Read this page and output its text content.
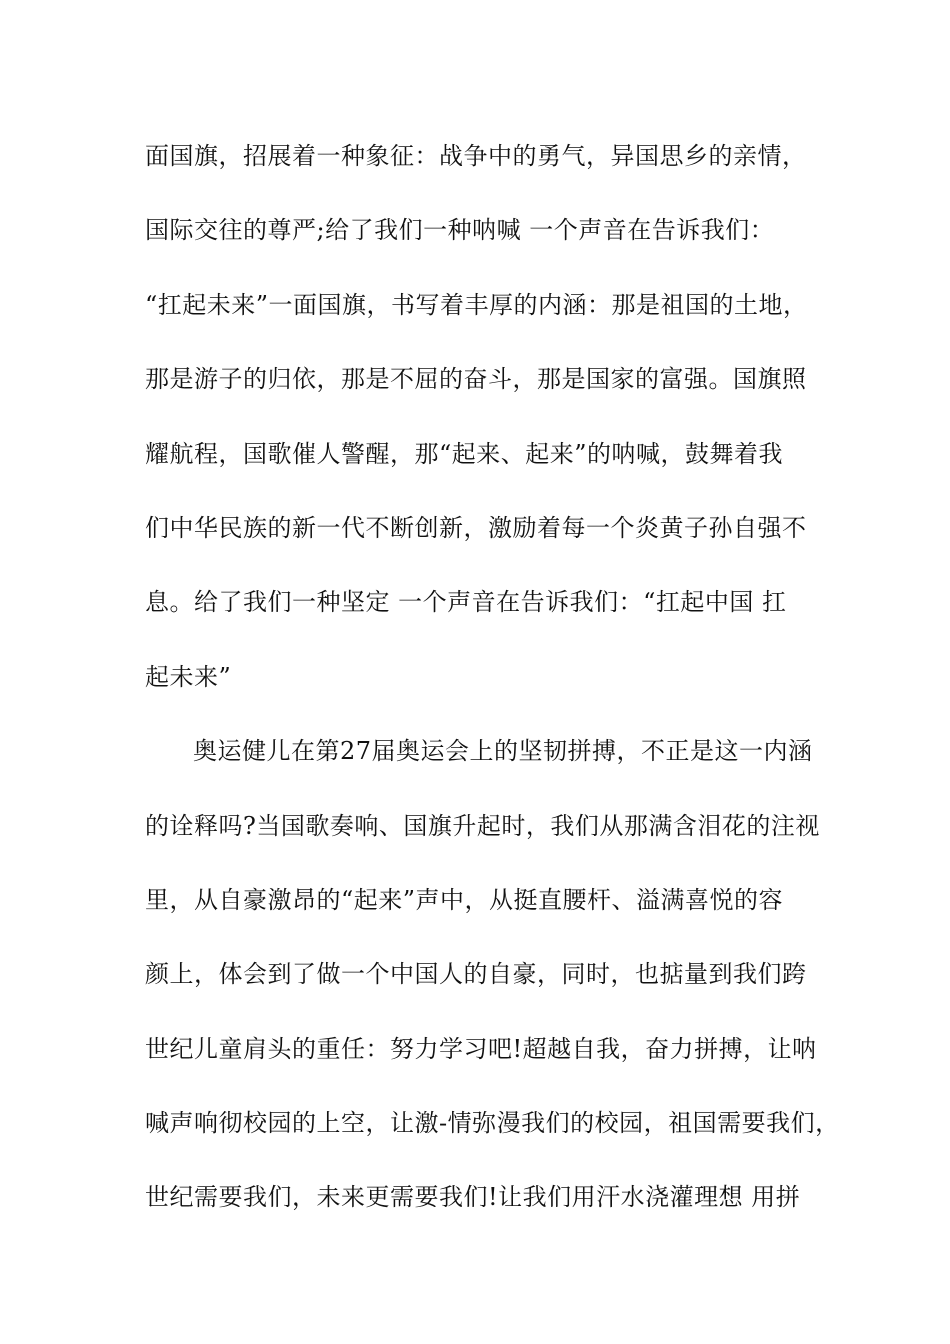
面国旗，招展着一种象征：战争中的勇气，异国思乡的亲情，
国际交往的尊严;给了我们一种呐喊 一个声音在告诉我们：
“扛起未来”一面国旗，书写着丰厚的内涵：那是祖国的土地，
那是游子的归依，那是不屈的奋斗，那是国家的富强。国旗照
耀航程，国歌催人警醒，那“起来、起来”的呐喊，鼓舞着我
们中华民族的新一代不断创新，激励着每一个炎黄子孙自强不
息。给了我们一种坚定 一个声音在告诉我们：“扛起中国 扛
起未来”
奥运健儿在第27届奥运会上的坚韧拼搏，不正是这一内涵
的诠释吗?当国歌奏响、国旗升起时，我们从那满含泪花的注视
里，从自豪激昂的“起来”声中，从挺直腰杆、溢满喜悦的容
颜上，体会到了做一个中国人的自豪，同时，也掂量到我们跨
世纪儿童肩头的重任：努力学习吧!超越自我，奋力拼搏，让呐
喊声响彻校园的上空，让激-情弥漫我们的校园，祖国需要我们，
世纪需要我们，未来更需要我们!让我们用汗水浇灌理想 用拼
